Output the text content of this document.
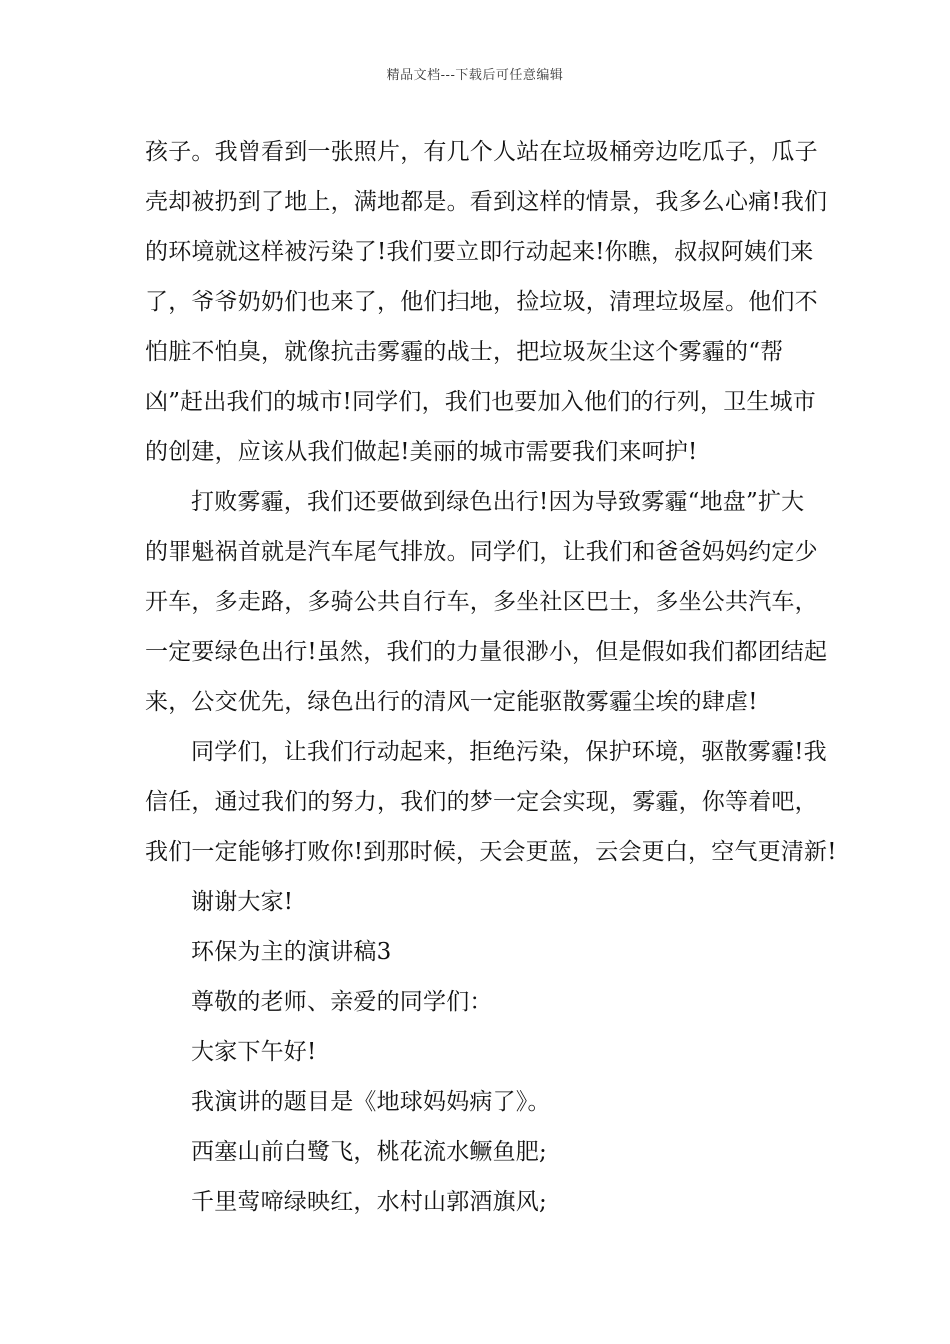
精品文档---下载后可任意编辑
孩子。我曾看到一张照片，有几个人站在垃圾桶旁边吃瓜子，瓜子
壳却被扔到了地上，满地都是。看到这样的情景，我多么心痛!我们
的环境就这样被污染了!我们要立即行动起来!你瞧，叔叔阿姨们来
了，爷爷奶奶们也来了，他们扫地，捡垃圾，清理垃圾屋。他们不
怕脏不怕臭，就像抗击雾霾的战士，把垃圾灰尘这个雾霾的“帮
凶”赶出我们的城市!同学们，我们也要加入他们的行列，卫生城市
的创建，应该从我们做起!美丽的城市需要我们来呵护!
打败雾霾，我们还要做到绿色出行!因为导致雾霾“地盘”扩大
的罪魁祸首就是汽车尾气排放。同学们，让我们和爸爸妈妈约定少
开车，多走路，多骑公共自行车，多坐社区巴士，多坐公共汽车，
一定要绿色出行!虽然，我们的力量很渺小，但是假如我们都团结起
来，公交优先，绿色出行的清风一定能驱散雾霾尘埃的肆虐!
同学们，让我们行动起来，拒绝污染，保护环境，驱散雾霾!我
信任，通过我们的努力，我们的梦一定会实现，雾霾，你等着吧，
我们一定能够打败你!到那时候，天会更蓝，云会更白，空气更清新!
谢谢大家!
环保为主的演讲稿3
尊敬的老师、亲爱的同学们：
大家下午好!
我演讲的题目是《地球妈妈病了》。
西塞山前白鹭飞，桃花流水鳜鱼肥;
千里莺啼绿映红，水村山郭酒旗风;
